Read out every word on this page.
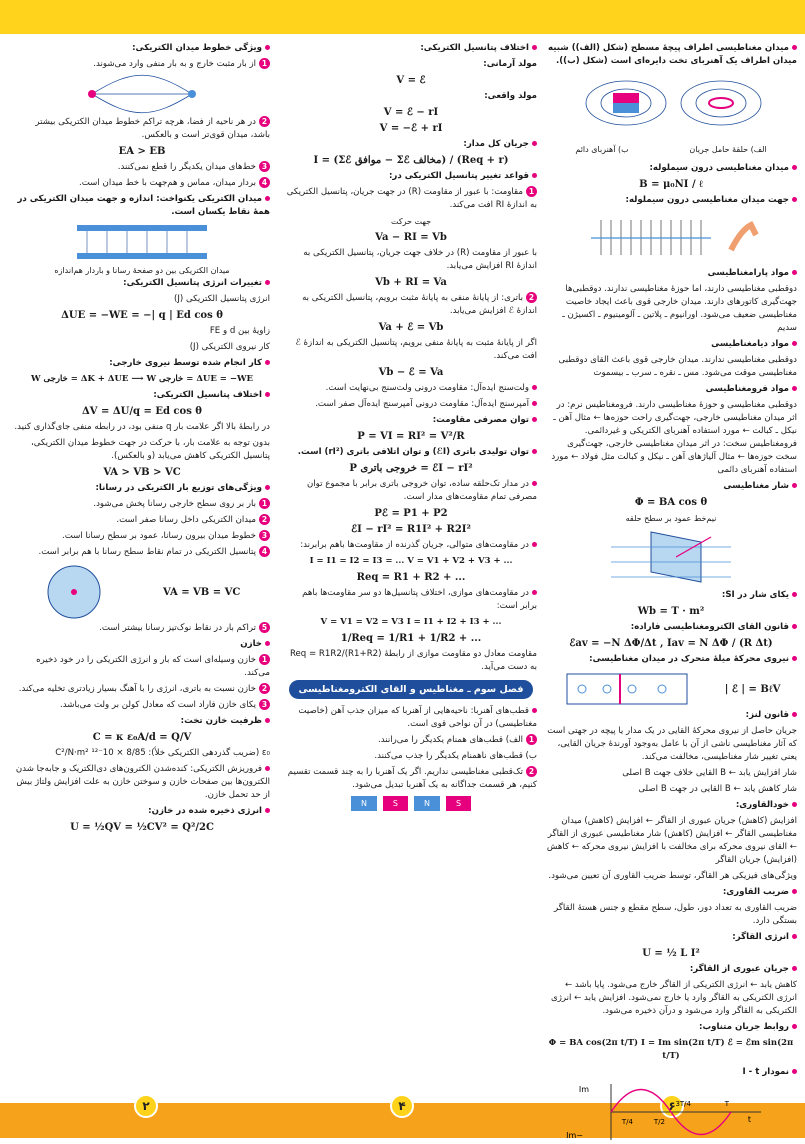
۶
۴
۲

میدان مغناطیسی اطراف پیچهٔ مسطح (شکل (الف)) شبیه میدان اطراف یک آهنربای تخت دایره‌ای است (شکل (ب)).

الف) حلقهٔ حامل جریان
ب) آهنربای دائم

میدان مغناطیسی درون سیملوله:

B = μ₀NI / ℓ

جهت میدان مغناطیسی درون سیملوله:

مواد پارامغناطیسی

دوقطبی مغناطیسی دارند، اما حوزهٔ مغناطیسی ندارند. دوقطبی‌ها جهت‌گیری کاتورهای دارند. میدان خارجی قوی باعث ایجاد خاصیت مغناطیسی ضعیف می‌شود. اورانیوم ـ پلاتین ـ آلومینیوم ـ اکسیژن ـ سدیم

مواد دیامغناطیسی

دوقطبی مغناطیسی ندارند. میدان خارجی قوی باعث القای دوقطبی مغناطیسی موقت می‌شود. مس ـ نقره ـ سرب ـ بیسموت

مواد فرومغناطیسی

دوقطبی مغناطیسی و حوزهٔ مغناطیسی دارند. فرومغناطیس نرم: در اثر میدان مغناطیسی خارجی، جهت‌گیری راحت حوزه‌ها ← مثال آهن ـ نیکل ـ کبالت ← مورد استفاده آهنربای الکتریکی و غیردائمی. فرومغناطیس سخت: در اثر میدان مغناطیسی خارجی، جهت‌گیری سخت حوزه‌ها ← مثال آلیاژهای آهن ـ نیکل و کبالت مثل فولاد ← مورد استفاده آهنربای دائمی

شار مغناطیسی

Φ = BA cos θ
نیم‌خط عمود بر سطح حلقه

یکای شار در SI:

Wb = T · m²

قانون القای الکترومغناطیسی فاراده:

ℰav = −N ΔΦ/Δt , Iav = N ΔΦ / (R Δt)

نیروی محرکهٔ میلهٔ متحرک در میدان مغناطیسی:

| ℰ | = BℓV

قانون لنز:

جریان حاصل از نیروی محرکهٔ القایی در یک مدار یا پیچه در جهتی است که آثار مغناطیسی ناشی از آن با عامل به‌وجود آورندهٔ جریان القایی، یعنی تغییر شار مغناطیسی، مخالفت می‌کند.

شار افزایش یابد ← B القایی خلاف جهت B اصلی

شار کاهش یابد ← B القایی در جهت B اصلی

خودالقاوری:

افزایش (کاهش) جریان عبوری از القاگر ← افزایش (کاهش) میدان مغناطیسی القاگر ← افزایش (کاهش) شار مغناطیسی عبوری از القاگر ← القای نیروی محرکه برای مخالفت با افزایش نیروی محرکه ← کاهش (افزایش) جریان القاگر

ویژگی‌های فیزیکی هر القاگر، توسط ضریب القاوری آن تعیین می‌شود.

ضریب القاوری:

ضریب القاوری به تعداد دور، طول، سطح مقطع و جنس هستهٔ القاگر بستگی دارد.

انرژی القاگر:

U = ½ L I²

جریان عبوری از القاگر:

کاهش یابد ← انرژی الکتریکی از القاگر خارج می‌شود. پایا باشد ← انرژی الکتریکی به القاگر وارد یا خارج نمی‌شود. افزایش یابد ← انرژی الکتریکی به القاگر وارد می‌شود و درآن ذخیره می‌شود.

روابط جریان متناوب:

Φ = BA cos(2π t/T) I = Im sin(2π t/T) ℰ = ℰm sin(2π t/T)

نمودار I - t

Im
−Im
t
T/4	T/2
3T/4	T

اختلاف پتانسیل الکتریکی:

مولد آرمانی:

V = ℰ

مولد واقعی:

V = ℰ − rI
V = −ℰ + rI

جریان کل مدار:

I = (Σℰ موافق − Σℰ مخالف) / (Req + r)

قواعد تغییر پتانسیل الکتریکی در:

1مقاومت: با عبور از مقاومت (R) در جهت جریان، پتانسیل الکتریکی به اندازهٔ RI افت می‌کند.

جهت حرکت
Va − RI = Vb

با عبور از مقاومت (R) در خلاف جهت جریان، پتانسیل الکتریکی به اندازهٔ RI افزایش می‌یابد.

Vb + RI = Va

2باتری: از پایانهٔ منفی به پایانهٔ مثبت برویم، پتانسیل الکتریکی به اندازهٔ ℰ افزایش می‌یابد.

Va + ℰ = Vb

اگر از پایانهٔ مثبت به پایانهٔ منفی برویم، پتانسیل الکتریکی به اندازهٔ ℰ افت می‌کند.

Vb − ℰ = Va

ولت‌سنج ایده‌آل: مقاومت درونی ولت‌سنج بی‌نهایت است.

آمپرسنج ایده‌آل: مقاومت درونی آمپرسنج ایده‌آل صفر است.

توان مصرفی مقاومت:

P = VI = RI² = V²/R

توان تولیدی باتری (ℰI) و توان اتلافی باتری (rI²) است.

P خروجی باتری = ℰI − rI²

در مدار تک‌حلقه ساده، توان خروجی باتری برابر با مجموع توان مصرفی تمام مقاومت‌های مدار است.

Pℰ = P1 + P2
ℰI − rI² = R1I² + R2I²

در مقاومت‌های متوالی، جریان گذرنده از مقاومت‌ها باهم برابرند:

I = I1 = I2 = I3 = ... V = V1 + V2 + V3 + ...
Req = R1 + R2 + ...

در مقاومت‌های موازی، اختلاف پتانسیل‌ها دو سر مقاومت‌ها باهم برابر است:

V = V1 = V2 = V3 I = I1 + I2 + I3 + ...
1/Req = 1/R1 + 1/R2 + ...

مقاومت معادل دو مقاومت موازی از رابطهٔ Req = R1R2/(R1+R2) به دست می‌آید.

فصل سوم ـ مغناطیس و القای الکترومغناطیسی

قطب‌های آهنربا: ناحیه‌هایی از آهنربا که میزان جذب آهن (خاصیت مغناطیسی) در آن نواحی قوی است.

1الف) قطب‌های همنام یکدیگر را می‌رانند.

ب) قطب‌های ناهمنام یکدیگر را جذب می‌کنند.

2تک‌قطبی مغناطیسی نداریم. اگر یک آهنربا را به چند قسمت تقسیم کنیم، هر قسمت جداگانه به یک آهنربا تبدیل می‌شود.

N	S	N	S

ویژگی خطوط میدان الکتریکی:

1از بار مثبت خارج و به بار منفی وارد می‌شوند.

2در هر ناحیه از فضا، هرچه تراکم خطوط میدان الکتریکی بیشتر باشد، میدان قوی‌تر است و بالعکس.

EA > EB

3خط‌های میدان یکدیگر را قطع نمی‌کنند.

4بردار میدان، مماس و هم‌جهت با خط میدان است.

میدان الکتریکی یکنواخت: اندازه و جهت میدان الکتریکی در همهٔ نقاط یکسان است.

میدان الکتریکی بین دو صفحهٔ رسانا و باردار هم‌اندازه

تغییرات انرژی پتانسیل الکتریکی:

انرژی پتانسیل الکتریکی (J)

ΔUE = −WE = −| q | Ed cos θ

زاویهٔ بین d و FE

کار نیروی الکتریکی (J)

کار انجام شده توسط نیروی خارجی:

W خارجی = ΔK + ΔUE ⟶ W خارجی = ΔUE = −WE

اختلاف پتانسیل الکتریکی:

ΔV = ΔU/q = Ed cos θ

در رابطهٔ بالا اگر علامت بار q منفی بود، در رابطه منفی جای‌گذاری کنید.

بدون توجه به علامت بار، با حرکت در جهت خطوط میدان الکتریکی، پتانسیل الکتریکی کاهش می‌یابد (و بالعکس).

VA > VB > VC

ویژگی‌های توزیع بار الکتریکی در رسانا:

1بار بر روی سطح خارجی رسانا پخش می‌شود.

2میدان الکتریکی داخل رسانا صفر است.

3خطوط میدان بیرون رسانا، عمود بر سطح رسانا است.

4پتانسیل الکتریکی در تمام نقاط سطح رسانا با هم برابر است.

VA = VB = VC

5تراکم بار در نقاط نوک‌تیز رسانا بیشتر است.

خازن

1خازن وسیله‌ای است که بار و انرژی الکتریکی را در خود ذخیره می‌کند.

2خازن نسبت به باتری، انرژی را با آهنگ بسیار زیادتری تخلیه می‌کند.

3یکای خازن فاراد است که معادل کولن بر ولت می‌باشد.

ظرفیت خازن تخت:

C = κ ε₀A/d = Q/V

ε₀ (ضریب گذردهی الکتریکی خلأ): 8/85 × 10⁻¹² C²/N·m²

فروریزش الکتریکی: کنده‌شدن الکترون‌های دی‌الکتریک و جابه‌جا شدن الکترون‌ها بین صفحات خازن و سوختن خازن به علت افزایش ولتاژ بیش از حد تحمل خازن.

انرژی ذخیره شده در خازن:

U = ½QV = ½CV² = Q²/2C
